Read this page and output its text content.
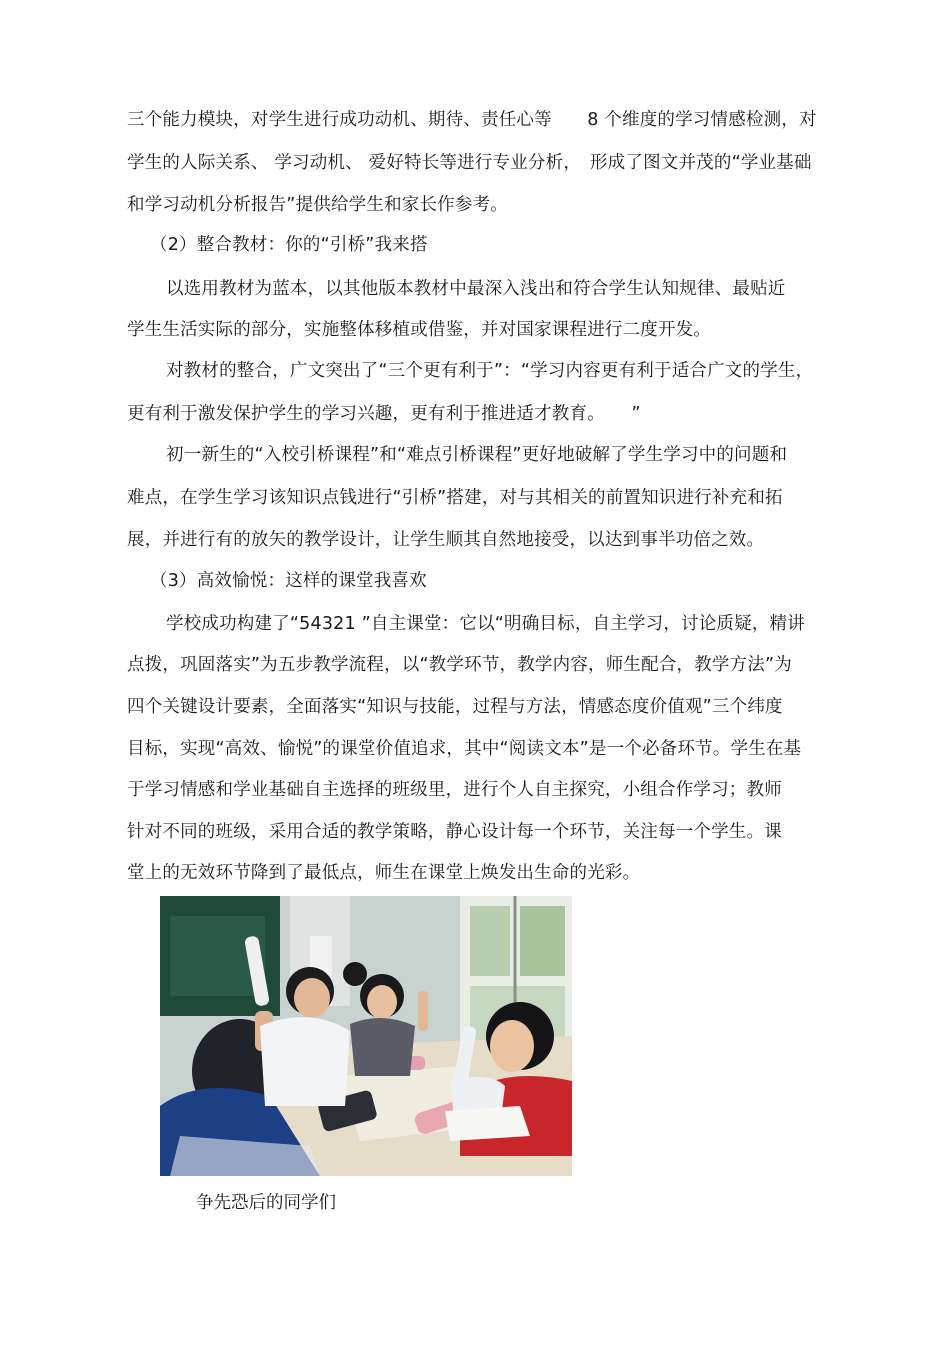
三个能力模块，对学生进行成功动机、期待、责任心等　　8 个维度的学习情感检测，对
学生的人际关系、 学习动机、 爱好特长等进行专业分析，　形成了图文并茂的“学业基础
和学习动机分析报告”提供给学生和家长作参考。
（2）整合教材：你的“引桥”我来搭
以选用教材为蓝本，以其他版本教材中最深入浅出和符合学生认知规律、最贴近
学生生活实际的部分，实施整体移植或借鉴，并对国家课程进行二度开发。
对教材的整合，广文突出了“三个更有利于”：“学习内容更有利于适合广文的学生，
更有利于激发保护学生的学习兴趣，更有利于推进适才教育。　　”
初一新生的“入校引桥课程”和“难点引桥课程”更好地破解了学生学习中的问题和
难点，在学生学习该知识点钱进行“引桥”搭建，对与其相关的前置知识进行补充和拓
展，并进行有的放矢的教学设计，让学生顺其自然地接受，以达到事半功倍之效。
（3）高效愉悦：这样的课堂我喜欢
学校成功构建了“54321 ”自主课堂：它以“明确目标，自主学习，讨论质疑，精讲
点拨，巩固落实”为五步教学流程，以“教学环节，教学内容，师生配合，教学方法”为
四个关键设计要素，全面落实“知识与技能，过程与方法，情感态度价值观”三个纬度
目标，实现“高效、愉悦”的课堂价值追求，其中“阅读文本”是一个必备环节。学生在基
于学习情感和学业基础自主选择的班级里，进行个人自主探究，小组合作学习；教师
针对不同的班级，采用合适的教学策略，静心设计每一个环节，关注每一个学生。课
堂上的无效环节降到了最低点，师生在课堂上焕发出生命的光彩。
争先恐后的同学们
